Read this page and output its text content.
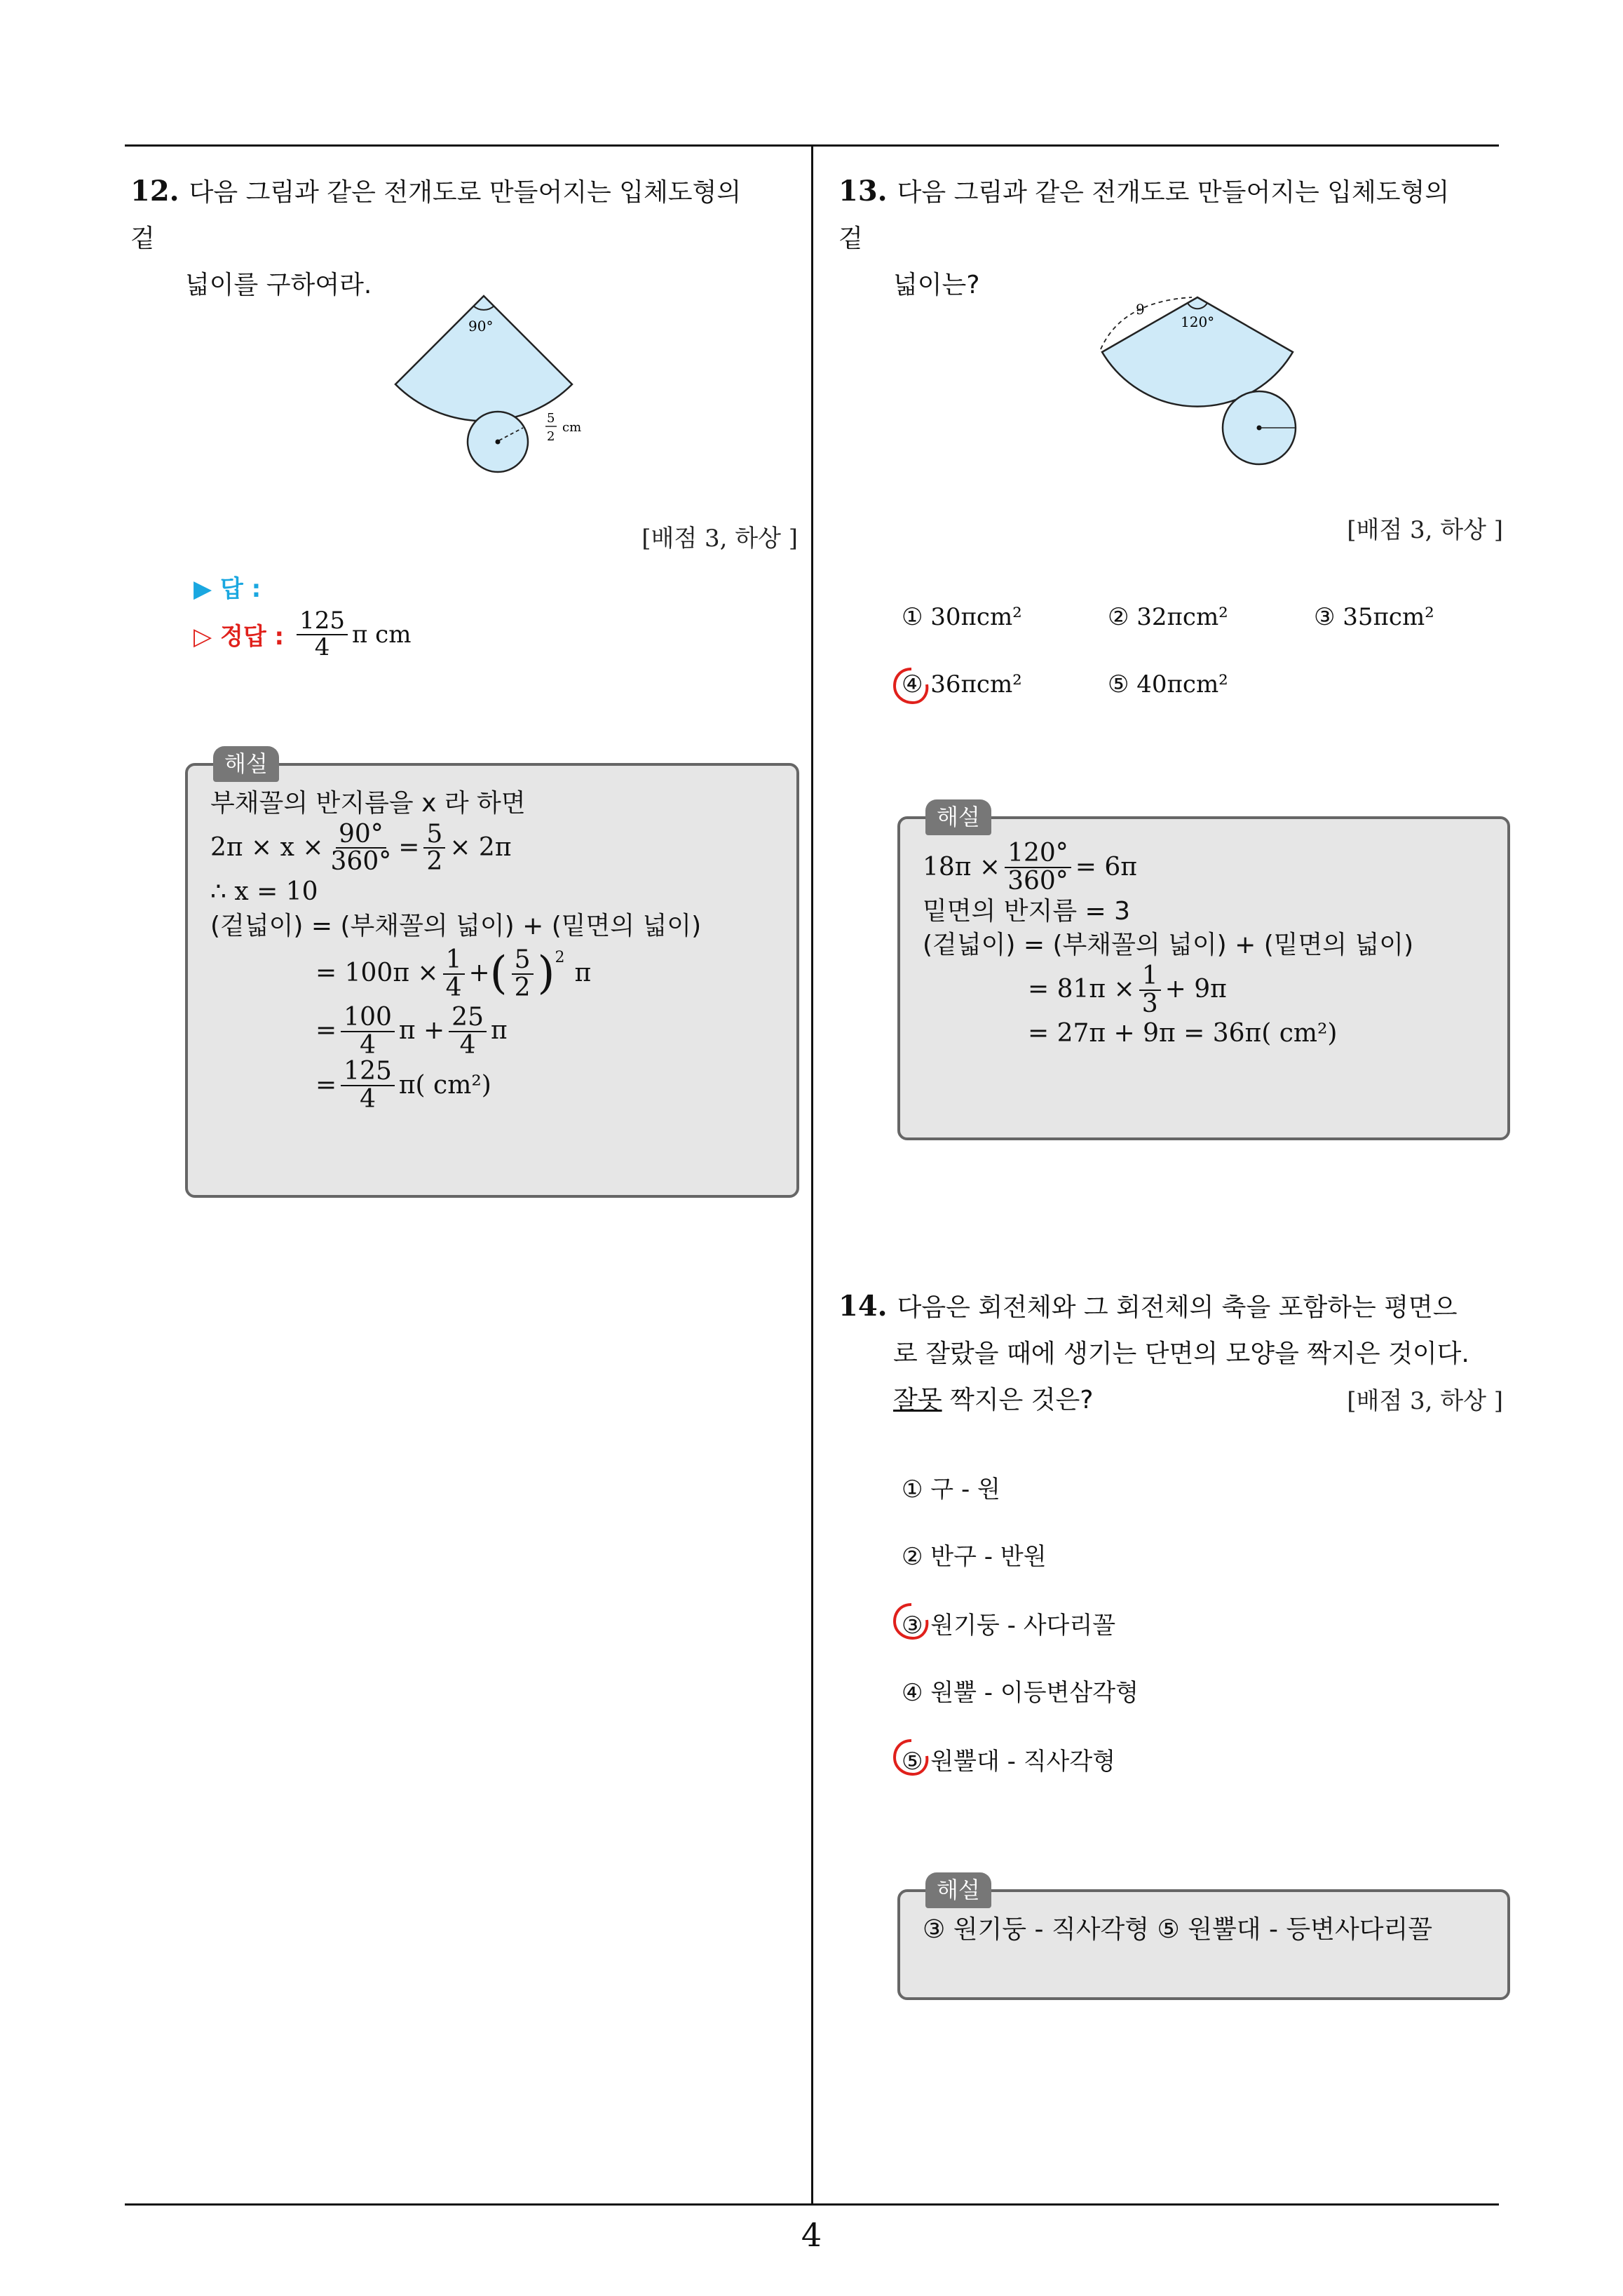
12. 다음 그림과 같은 전개도로 만들어지는 입체도형의 겉
넓이를 구하여라.
90°
5
2
cm
[배점 3, 하상 ]
▶ 답 :
▷ 정답 : $\frac{125}{4}$ π cm
해설
부채꼴의 반지름을 x 라 하면
$2\pi \times x \times \frac{90^\circ}{360^\circ} = \frac{5}{2} \times 2\pi$
∴ x = 10
(겉넓이) = (부채꼴의 넓이) + (밑면의 넓이)
= $100\pi \times \frac{1}{4}$ + ( $\frac{5}{2} )^2$
π
= $\frac{100}{4}$ $\pi + \frac{25}{4}$ π
= $\frac{125}{4} \pi$( cm²)
13. 다음 그림과 같은 전개도로 만들어지는 입체도형의 겉
넓이는?
120°
9
[배점 3, 하상 ]
① 30πcm²	② 32πcm²	③ 35πcm²
④ 36πcm²	⑤ 40πcm²
해설
$18\pi \times \frac{120^\circ}{360^\circ} = 6\pi$
밑면의 반지름 = 3
(겉넓이) = (부채꼴의 넓이) + (밑면의 넓이)
= $81\pi \times \frac{1}{3} + 9\pi$
= 27π + 9π = 36π( cm²)
14. 다음은 회전체와 그 회전체의 축을 포함하는 평면으
로 잘랐을 때에 생기는 단면의 모양을 짝지은 것이다.
잘못 짝지은 것은?	[배점 3, 하상 ]
① 구 - 원
② 반구 - 반원
③ 원기둥 - 사다리꼴
④ 원뿔 - 이등변삼각형
⑤ 원뿔대 - 직사각형
해설
③ 원기둥 - 직사각형 ⑤ 원뿔대 - 등변사다리꼴
4
